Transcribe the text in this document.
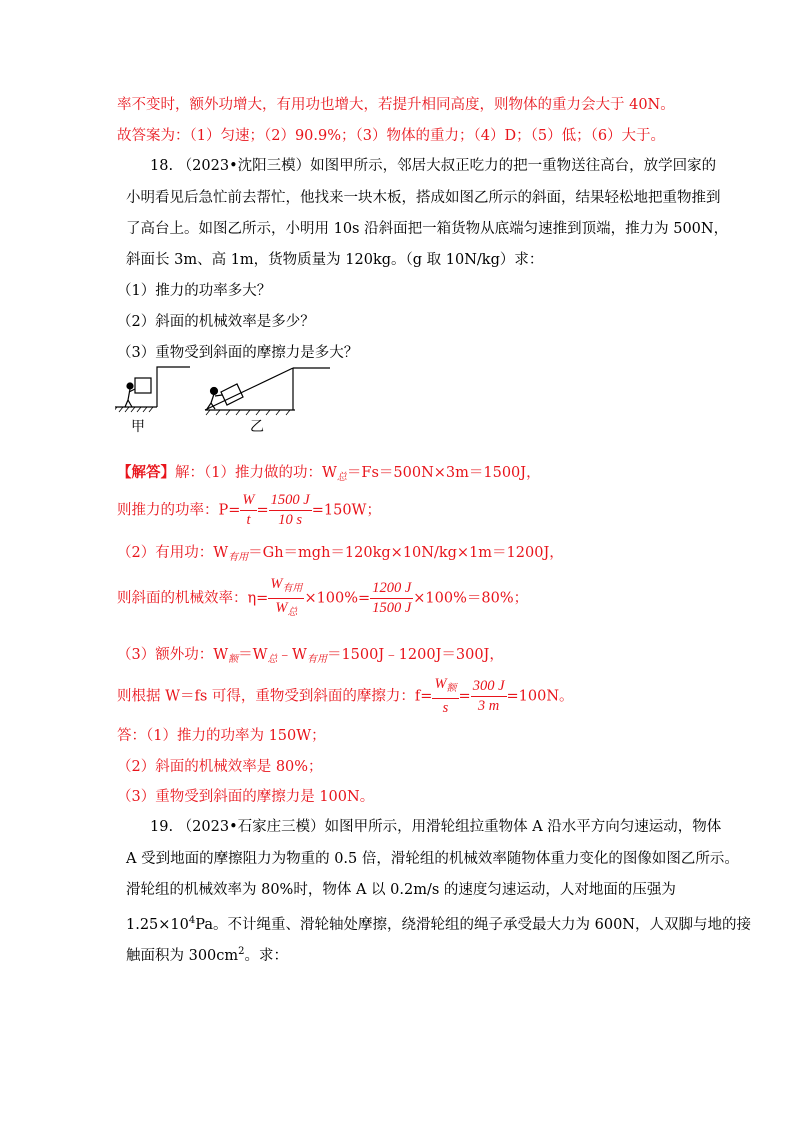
率不变时，额外功增大，有用功也增大，若提升相同高度，则物体的重力会大于 40N。
故答案为：（1）匀速；（2）90.9%；（3）物体的重力；（4）D；（5）低；（6）大于。
18. （2023•沈阳三模）如图甲所示，邻居大叔正吃力的把一重物送往高台，放学回家的
小明看见后急忙前去帮忙，他找来一块木板，搭成如图乙所示的斜面，结果轻松地把重物推到
了高台上。如图乙所示，小明用 10s 沿斜面把一箱货物从底端匀速推到顶端，推力为 500N，
斜面长 3m、高 1m，货物质量为 120kg。（g 取 10N/kg）求：
（1）推力的功率多大？
（2）斜面的机械效率是多少？
（3）重物受到斜面的摩擦力是多大？
甲	乙
【解答】解：（1）推力做的功：$W_总=Fs=500N\times 3m=1500J$，
则推力的功率：$P= \frac{W}{t} = \frac{1500 J}{10 s} =150W$；
（2）有用功：$W_{有用}=Gh=mgh=120kg\times 10N/kg\times 1m=1200J$，
则斜面的机械效率：$\eta= \frac{W_{有用}}{W_总} \times 100\%= \frac{1200 J}{1500 J} \times 100\%=80\%$；
（3）额外功：$W_额=W_总﹣W_{有用}=1500J﹣1200J=300J$，
则根据 W＝fs 可得，重物受到斜面的摩擦力：$f= \frac{W_额}{s} = \frac{300 J}{3 m} =100N$。
答：（1）推力的功率为 150W；
（2）斜面的机械效率是 80%；
（3）重物受到斜面的摩擦力是 100N。
19. （2023•石家庄三模）如图甲所示，用滑轮组拉重物体 A 沿水平方向匀速运动，物体
A 受到地面的摩擦阻力为物重的 0.5 倍，滑轮组的机械效率随物体重力变化的图像如图乙所示。
滑轮组的机械效率为 80%时，物体 A 以 0.2m/s 的速度匀速运动，人对地面的压强为
$1.25\times 10^4Pa$。不计绳重、滑轮轴处摩擦，绕滑轮组的绳子承受最大力为 600N，人双脚与地的接
触面积为 $300cm^2$。求：
